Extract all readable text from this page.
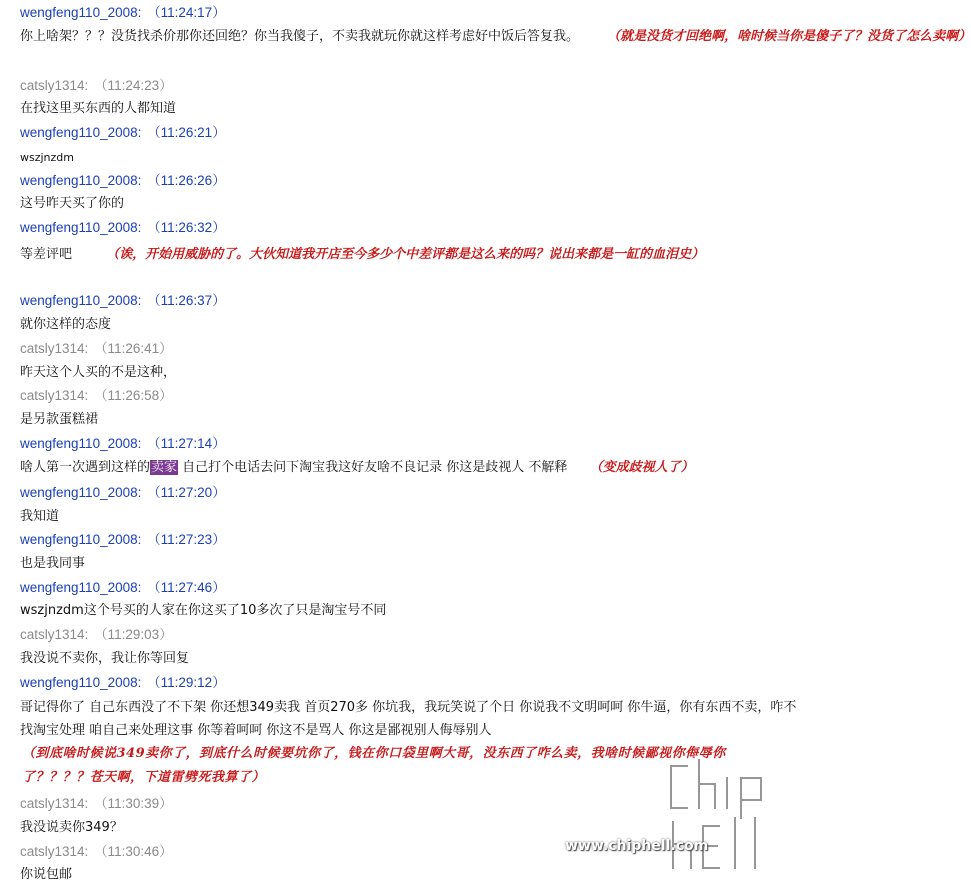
wengfeng110_2008: （11:24:17）
你上啥架？？？没货找杀价那你还回绝？你当我傻子，不卖我就玩你就这样考虑好中饭后答复我。 （就是没货才回绝啊，啥时候当你是傻子了？没货了怎么卖啊）
catsly1314: （11:24:23）
在找这里买东西的人都知道
wengfeng110_2008: （11:26:21）
wszjnzdm
wengfeng110_2008: （11:26:26）
这号昨天买了你的
wengfeng110_2008: （11:26:32）
等差评吧	（诶，开始用威胁的了。大伙知道我开店至今多少个中差评都是这么来的吗？说出来都是一缸的血泪史）
wengfeng110_2008: （11:26:37）
就你这样的态度
catsly1314: （11:26:41）
昨天这个人买的不是这种，
catsly1314: （11:26:58）
是另款蛋糕裙
wengfeng110_2008: （11:27:14）
啥人第一次遇到这样的卖家 自己打个电话去问下淘宝我这好友啥不良记录 你这是歧视人 不解释 （变成歧视人了）
wengfeng110_2008: （11:27:20）
我知道
wengfeng110_2008: （11:27:23）
也是我同事
wengfeng110_2008: （11:27:46）
wszjnzdm这个号买的人家在你这买了10多次了只是淘宝号不同
catsly1314: （11:29:03）
我没说不卖你，我让你等回复
wengfeng110_2008: （11:29:12）
哥记得你了 自己东西没了不下架 你还想349卖我 首页270多 你坑我，我玩笑说了个日 你说我不文明呵呵 你牛逼，你有东西不卖，咋不找淘宝处理 咱自己来处理这事 你等着呵呵 你这不是骂人 你这是鄙视别人侮辱别人
（到底啥时候说349卖你了，到底什么时候要坑你了，钱在你口袋里啊大哥，没东西了咋么卖，我啥时候鄙视你侮辱你了？？？？苍天啊，下道雷劈死我算了）
catsly1314: （11:30:39）
我没说卖你349？
catsly1314: （11:30:46）
你说包邮
www.chiphell.com
